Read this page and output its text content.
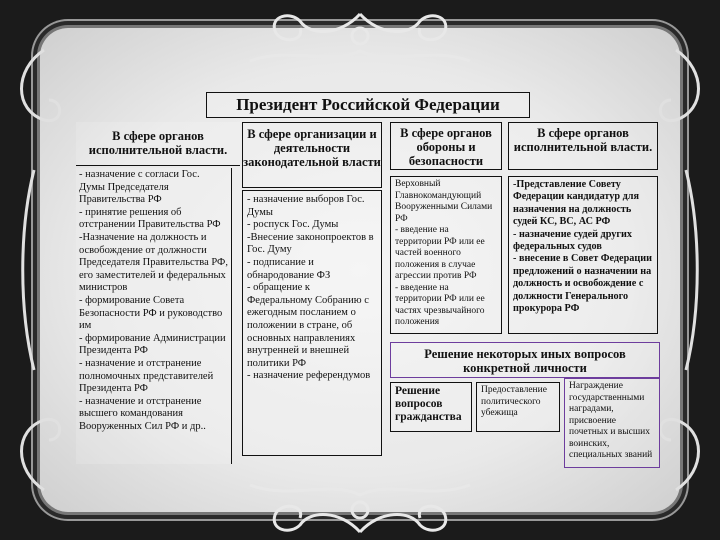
Президент Российской Федерации
В сфере органов исполнительной власти.
- назначение с согласи Гос. Думы Председателя Правительства РФ
- принятие решения об отстранении Правительства РФ
-Назначение на должность и освобождение от должности Председателя Правительства РФ, его заместителей и федеральных министров
- формирование Совета Безопасности РФ и руководство им
- формирование Администрации Президента РФ
- назначение и отстранение полномочных представителей Президента РФ
- назначение и отстранение высшего командования Вооруженных Сил РФ и др..
В сфере организации и деятельности законодательной власти
- назначение выборов Гос. Думы
- роспуск Гос. Думы
-Внесение законопроектов в Гос. Думу
- подписание и обнародование ФЗ
- обращение к Федеральному Собранию с ежегодным посланием о положении в стране, об основных направлениях внутренней и внешней политики РФ
- назначение референдумов
В сфере органов обороны и безопасности
Верховный Главнокомандующий Вооруженными Силами РФ
- введение на территории РФ или ее частей военного положения в случае агрессии против РФ
- введение на территории РФ или ее частях чрезвычайного положения
В сфере органов исполнительной власти.
-Представление Совету Федерации кандидатур для назначения на должность судей КС, ВС, АС РФ
- назначение судей других федеральных судов
- внесение в Совет Федерации предложений о назначении на должность и освобождение с должности Генерального прокурора РФ
Решение некоторых иных вопросов конкретной личности
Решение вопросов гражданства
Предоставление политического убежища
Награждение государственными наградами, присвоение почетных и высших воинских, специальных званий
